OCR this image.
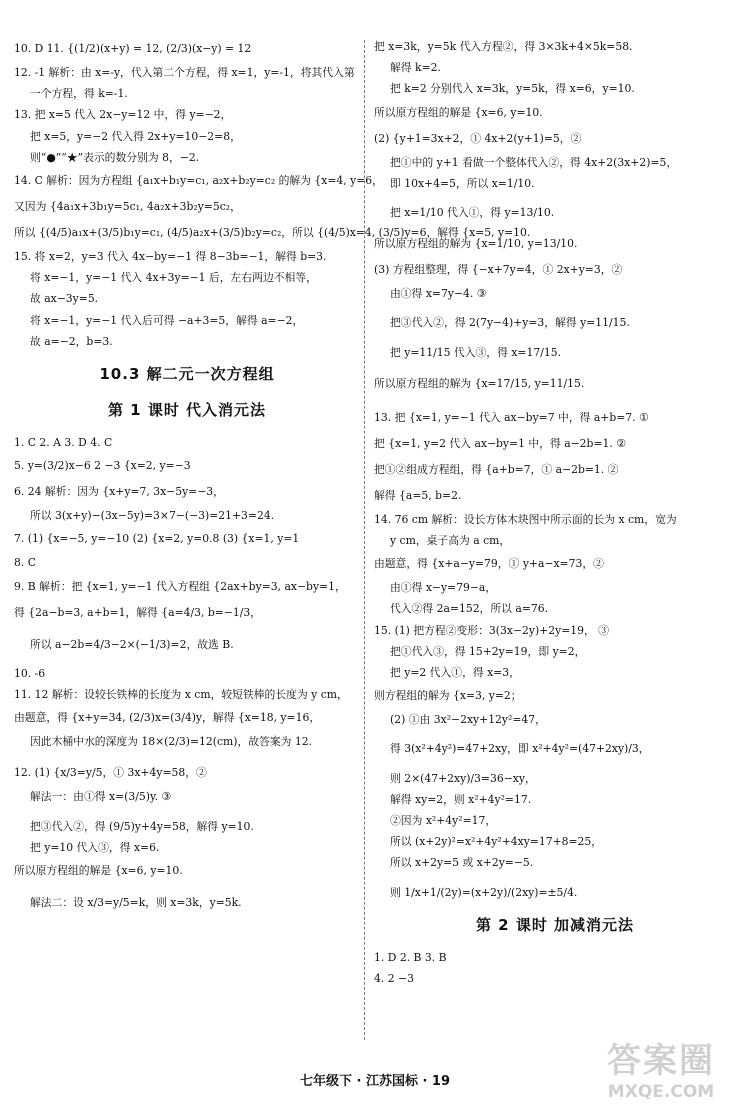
10. D 11. {(1/2)(x+y) = 12, (2/3)(x−y) = 12
12. -1 解析：由 x=-y，代入第二个方程，得 x=1，y=-1，将其代入第
一个方程，得 k=-1.
13. 把 x=5 代入 2x−y=12 中，得 y=−2，
把 x=5，y=−2 代入得 2x+y=10−2=8，
则“●”“★”表示的数分别为 8，−2.
14. C 解析：因为方程组 {a₁x+b₁y=c₁, a₂x+b₂y=c₂ 的解为 {x=4, y=6，
又因为 {4a₁x+3b₁y=5c₁, 4a₂x+3b₂y=5c₂，
所以 {(4/5)a₁x+(3/5)b₁y=c₁, (4/5)a₂x+(3/5)b₂y=c₂，所以 {(4/5)x=4, (3/5)y=6，解得 {x=5, y=10.
15. 将 x=2，y=3 代入 4x−by=−1 得 8−3b=−1，解得 b=3.
将 x=−1，y=−1 代入 4x+3y=−1 后，左右两边不相等，
故 ax−3y=5.
将 x=−1，y=−1 代入后可得 −a+3=5，解得 a=−2，
故 a=−2，b=3.
10.3 解二元一次方程组
第 1 课时 代入消元法
1. C 2. A 3. D 4. C
5. y=(3/2)x−6 2 −3 {x=2, y=−3
6. 24 解析：因为 {x+y=7, 3x−5y=−3，
所以 3(x+y)−(3x−5y)=3×7−(−3)=21+3=24.
7. (1) {x=−5, y=−10 (2) {x=2, y=0.8 (3) {x=1, y=1
8. C
9. B 解析：把 {x=1, y=−1 代入方程组 {2ax+by=3, ax−by=1，
得 {2a−b=3, a+b=1，解得 {a=4/3, b=−1/3，
所以 a−2b=4/3−2×(−1/3)=2，故选 B.
10. -6
11. 12 解析：设较长铁棒的长度为 x cm，较短铁棒的长度为 y cm，
由题意，得 {x+y=34, (2/3)x=(3/4)y，解得 {x=18, y=16，
因此木桶中水的深度为 18×(2/3)=12(cm)，故答案为 12.
12. (1) {x/3=y/5，① 3x+4y=58，②
解法一：由①得 x=(3/5)y. ③
把③代入②，得 (9/5)y+4y=58，解得 y=10.
把 y=10 代入③，得 x=6.
所以原方程组的解是 {x=6, y=10.
解法二：设 x/3=y/5=k，则 x=3k，y=5k.
把 x=3k，y=5k 代入方程②，得 3×3k+4×5k=58.
解得 k=2.
把 k=2 分别代入 x=3k，y=5k，得 x=6，y=10.
所以原方程组的解是 {x=6, y=10.
(2) {y+1=3x+2，① 4x+2(y+1)=5，②
把①中的 y+1 看做一个整体代入②，得 4x+2(3x+2)=5，
即 10x+4=5，所以 x=1/10.
把 x=1/10 代入①，得 y=13/10.
所以原方程组的解为 {x=1/10, y=13/10.
(3) 方程组整理，得 {−x+7y=4，① 2x+y=3，②
由①得 x=7y−4. ③
把③代入②，得 2(7y−4)+y=3，解得 y=11/15.
把 y=11/15 代入③，得 x=17/15.
所以原方程组的解为 {x=17/15, y=11/15.
13. 把 {x=1, y=−1 代入 ax−by=7 中，得 a+b=7. ①
把 {x=1, y=2 代入 ax−by=1 中，得 a−2b=1. ②
把①②组成方程组，得 {a+b=7，① a−2b=1. ②
解得 {a=5, b=2.
14. 76 cm 解析：设长方体木块图中所示面的长为 x cm，宽为
y cm，桌子高为 a cm，
由题意，得 {x+a−y=79，① y+a−x=73，②
由①得 x−y=79−a，
代入②得 2a=152，所以 a=76.
15. (1) 把方程②变形：3(3x−2y)+2y=19， ③
把①代入③，得 15+2y=19，即 y=2，
把 y=2 代入①，得 x=3，
则方程组的解为 {x=3, y=2；
(2) ①由 3x²−2xy+12y²=47，
得 3(x²+4y²)=47+2xy，即 x²+4y²=(47+2xy)/3，
则 2×(47+2xy)/3=36−xy，
解得 xy=2，则 x²+4y²=17.
②因为 x²+4y²=17，
所以 (x+2y)²=x²+4y²+4xy=17+8=25，
所以 x+2y=5 或 x+2y=−5.
则 1/x+1/(2y)=(x+2y)/(2xy)=±5/4.
第 2 课时 加减消元法
1. D 2. B 3. B
4. 2 −3
七年级下 · 江苏国标 · 19
答案圈
MXQE.COM
